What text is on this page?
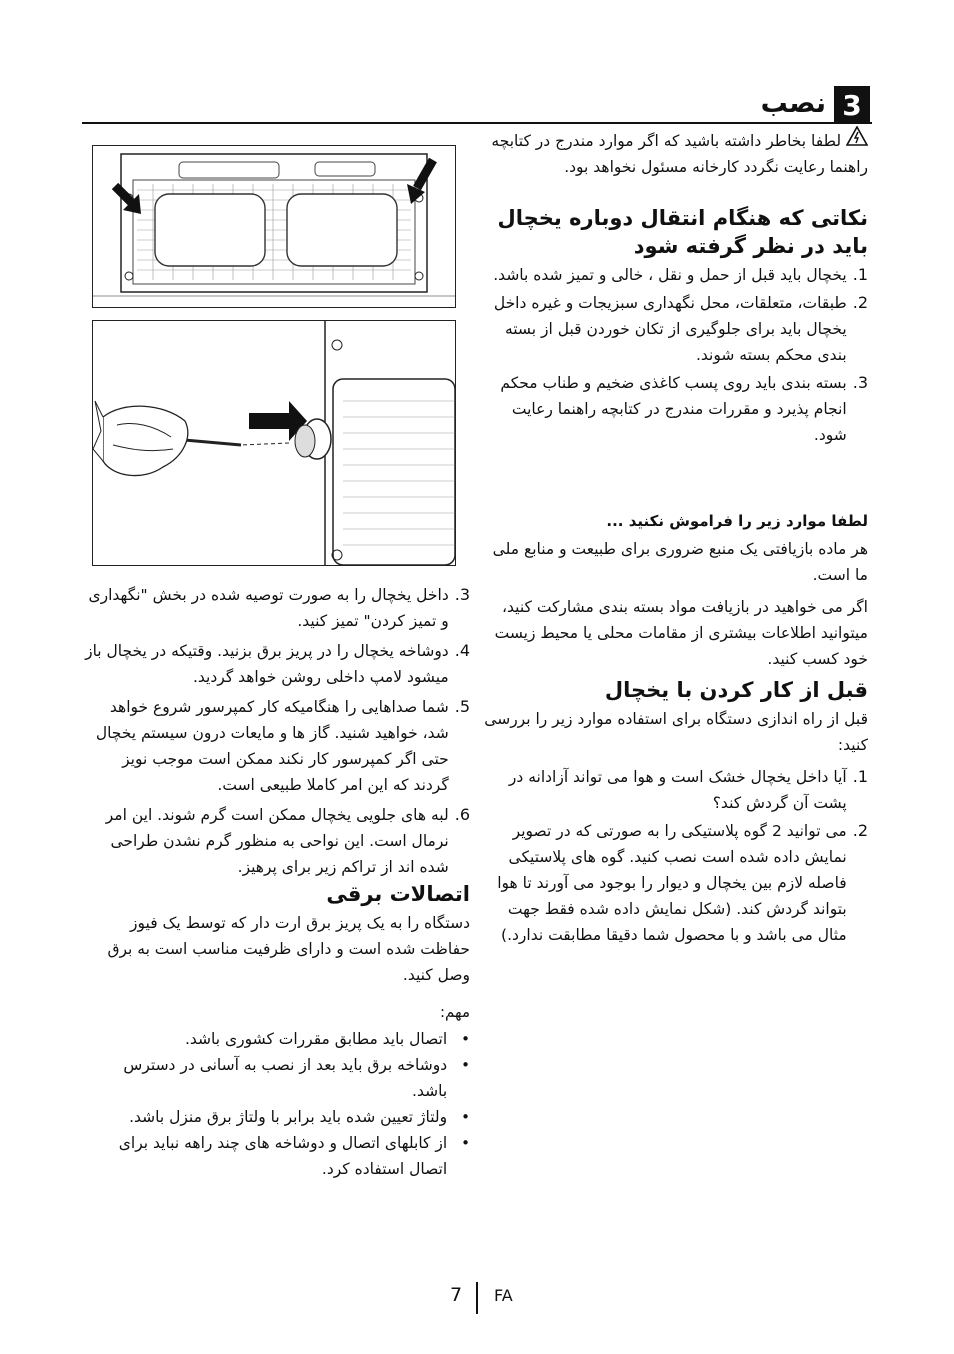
3
نصب
لطفا بخاطر داشته باشید که اگر موارد مندرج در کتابچه راهنما رعایت نگردد کارخانه مسئول نخواهد بود.
نکاتی که هنگام انتقال دوباره یخچال باید در نظر گرفته شود
1.
یخچال باید قبل از حمل و نقل ، خالی و تمیز شده باشد.
2.
طبقات، متعلقات، محل نگهداری سبزیجات و غیره داخل یخچال باید برای جلوگیری از تکان خوردن قبل از بسته بندی محکم بسته شوند.
3.
بسته بندی باید روی پسب کاغذی ضخیم و طناب محکم انجام پذیرد و مقررات مندرج در کتابچه راهنما رعایت شود.
لطفا موارد زیر را فراموش نکنید ...
هر ماده بازیافتی یک منبع ضروری برای طبیعت و منابع ملی ما است.
اگر می خواهید در بازیافت مواد بسته بندی مشارکت کنید، میتوانید اطلاعات بیشتری از مقامات محلی یا محیط زیست خود کسب کنید.
قبل از کار کردن با یخچال
قبل از راه اندازی دستگاه برای استفاده موارد زیر را بررسی کنید:
1.
آیا داخل یخچال خشک است و هوا می تواند آزادانه در پشت آن گردش کند؟
2.
می توانید 2 گوه پلاستیکی را به صورتی که در تصویر نمایش داده شده است نصب کنید. گوه های پلاستیکی فاصله لازم بین یخچال و دیوار را بوجود می آورند تا هوا بتواند گردش کند. (شکل نمایش داده شده فقط جهت مثال می باشد و با محصول شما دقیقا مطابقت ندارد.)
3.
داخل یخچال را به صورت توصیه شده در بخش "نگهداری و تمیز کردن" تمیز کنید.
4.
دوشاخه یخچال را در پریز برق بزنید. وقتیکه در یخچال باز میشود لامپ داخلی روشن خواهد گردید.
5.
شما صداهایی را هنگامیکه کار کمپرسور شروع خواهد شد، خواهید شنید. گاز ها و مایعات درون سیستم یخچال حتی اگر کمپرسور کار نکند ممکن است موجب نویز گردند که این امر کاملا طبیعی است.
6.
لبه های جلویی یخچال ممکن است گرم شوند. این امر نرمال است. این نواحی به منظور گرم نشدن طراحی شده اند از تراکم زیر برای پرهیز.
اتصالات برقی
دستگاه را به یک پریز برق ارت دار که توسط یک فیوز حفاظت شده است و دارای ظرفیت مناسب است به برق وصل کنید.
مهم:
•
اتصال باید مطابق مقررات کشوری باشد.
•
دوشاخه برق باید بعد از نصب به آسانی در دسترس باشد.
•
ولتاژ تعیین شده باید برابر با ولتاژ برق منزل باشد.
•
از کابلهای اتصال و دوشاخه های چند راهه نباید برای اتصال استفاده کرد.
7 FA
